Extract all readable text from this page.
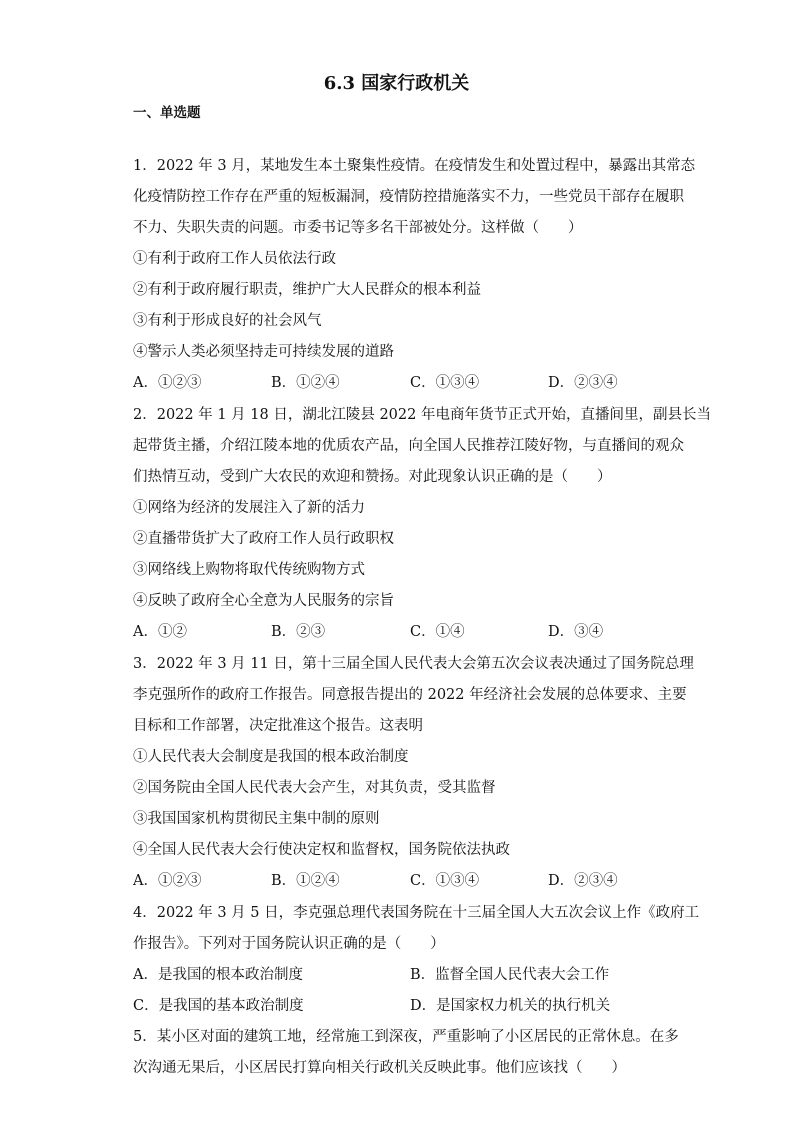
6.3 国家行政机关
一、单选题
1．2022 年 3 月，某地发生本土聚集性疫情。在疫情发生和处置过程中，暴露出其常态
化疫情防控工作存在严重的短板漏洞，疫情防控措施落实不力，一些党员干部存在履职
不力、失职失责的问题。市委书记等多名干部被处分。这样做（　　）
①有利于政府工作人员依法行政
②有利于政府履行职责，维护广大人民群众的根本利益
③有利于形成良好的社会风气
④警示人类必须坚持走可持续发展的道路
A．①②③	B．①②④	C．①③④	D．②③④
2．2022 年 1 月 18 日，湖北江陵县 2022 年电商年货节正式开始，直播间里，副县长当
起带货主播，介绍江陵本地的优质农产品，向全国人民推荐江陵好物，与直播间的观众
们热情互动，受到广大农民的欢迎和赞扬。对此现象认识正确的是（　　）
①网络为经济的发展注入了新的活力
②直播带货扩大了政府工作人员行政职权
③网络线上购物将取代传统购物方式
④反映了政府全心全意为人民服务的宗旨
A．①②	B．②③	C．①④	D．③④
3．2022 年 3 月 11 日，第十三届全国人民代表大会第五次会议表决通过了国务院总理
李克强所作的政府工作报告。同意报告提出的 2022 年经济社会发展的总体要求、主要
目标和工作部署，决定批准这个报告。这表明
①人民代表大会制度是我国的根本政治制度
②国务院由全国人民代表大会产生，对其负责，受其监督
③我国国家机构贯彻民主集中制的原则
④全国人民代表大会行使决定权和监督权，国务院依法执政
A．①②③	B．①②④	C．①③④	D．②③④
4．2022 年 3 月 5 日，李克强总理代表国务院在十三届全国人大五次会议上作《政府工
作报告》。下列对于国务院认识正确的是（　　）
A．是我国的根本政治制度	B．监督全国人民代表大会工作
C．是我国的基本政治制度	D．是国家权力机关的执行机关
5．某小区对面的建筑工地，经常施工到深夜，严重影响了小区居民的正常休息。在多
次沟通无果后，小区居民打算向相关行政机关反映此事。他们应该找（　　）
